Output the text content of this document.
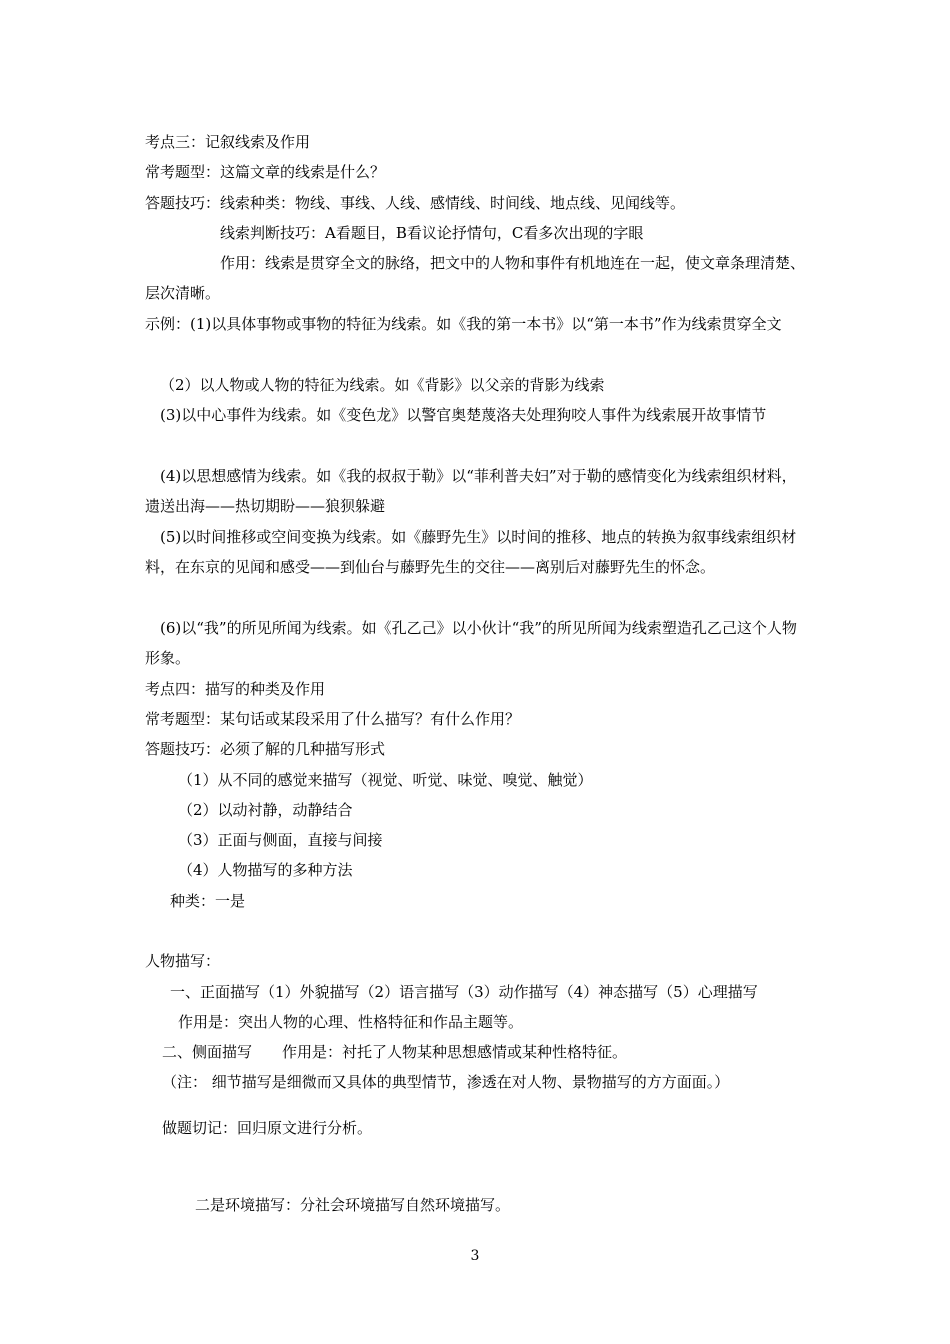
考点三：记叙线索及作用
常考题型：这篇文章的线索是什么？
答题技巧：线索种类：物线、事线、人线、感情线、时间线、地点线、见闻线等。
线索判断技巧：A看题目，B看议论抒情句，C看多次出现的字眼
作用：线索是贯穿全文的脉络，把文中的人物和事件有机地连在一起，使文章条理清楚、层次清晰。
示例：(1)以具体事物或事物的特征为线索。如《我的第一本书》以“第一本书”作为线索贯穿全文
（2）以人物或人物的特征为线索。如《背影》以父亲的背影为线索
(3)以中心事件为线索。如《变色龙》以警官奥楚蔑洛夫处理狗咬人事件为线索展开故事情节
(4)以思想感情为线索。如《我的叔叔于勒》以“菲利普夫妇”对于勒的感情变化为线索组织材料，遗送出海——热切期盼——狼狈躲避
(5)以时间推移或空间变换为线索。如《藤野先生》以时间的推移、地点的转换为叙事线索组织材料，在东京的见闻和感受——到仙台与藤野先生的交往——离别后对藤野先生的怀念。
(6)以“我”的所见所闻为线索。如《孔乙己》以小伙计“我”的所见所闻为线索塑造孔乙己这个人物形象。
考点四：描写的种类及作用
常考题型：某句话或某段采用了什么描写？有什么作用？
答题技巧：必须了解的几种描写形式
（1）从不同的感觉来描写（视觉、听觉、味觉、嗅觉、触觉）
（2）以动衬静，动静结合
（3）正面与侧面，直接与间接
（4）人物描写的多种方法
种类：一是
人物描写：
一、正面描写（1）外貌描写（2）语言描写（3）动作描写（4）神态描写（5）心理描写
作用是：突出人物的心理、性格特征和作品主题等。
二、侧面描写　　作用是：衬托了人物某种思想感情或某种性格特征。
（注： 细节描写是细微而又具体的典型情节，渗透在对人物、景物描写的方方面面。）
做题切记：回归原文进行分析。
二是环境描写：分社会环境描写自然环境描写。
3
